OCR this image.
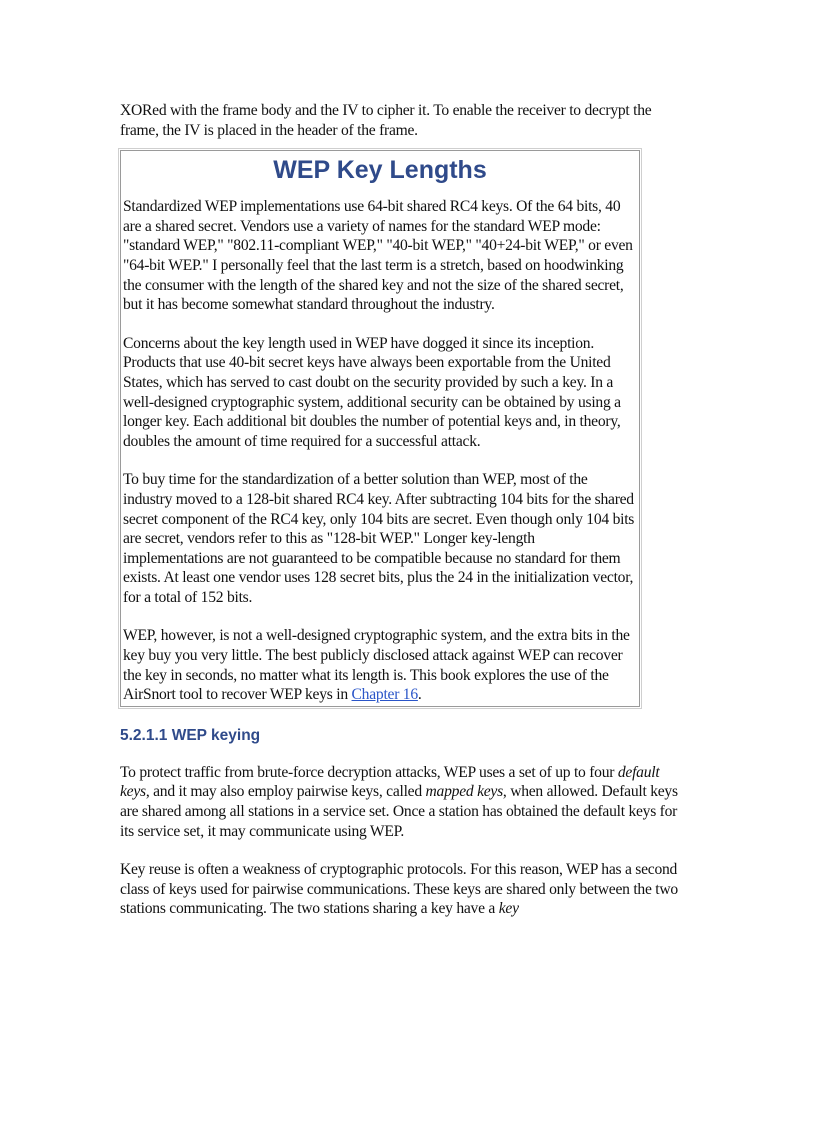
XORed with the frame body and the IV to cipher it. To enable the receiver to decrypt the frame, the IV is placed in the header of the frame.

WEP Key Lengths

Standardized WEP implementations use 64-bit shared RC4 keys. Of the 64 bits, 40 are a shared secret. Vendors use a variety of names for the standard WEP mode: "standard WEP," "802.11-compliant WEP," "40-bit WEP," "40+24-bit WEP," or even "64-bit WEP." I personally feel that the last term is a stretch, based on hoodwinking the consumer with the length of the shared key and not the size of the shared secret, but it has become somewhat standard throughout the industry.

Concerns about the key length used in WEP have dogged it since its inception. Products that use 40-bit secret keys have always been exportable from the United States, which has served to cast doubt on the security provided by such a key. In a well-designed cryptographic system, additional security can be obtained by using a longer key. Each additional bit doubles the number of potential keys and, in theory, doubles the amount of time required for a successful attack.

To buy time for the standardization of a better solution than WEP, most of the industry moved to a 128-bit shared RC4 key. After subtracting 104 bits for the shared secret component of the RC4 key, only 104 bits are secret. Even though only 104 bits are secret, vendors refer to this as "128-bit WEP." Longer key-length implementations are not guaranteed to be compatible because no standard for them exists. At least one vendor uses 128 secret bits, plus the 24 in the initialization vector, for a total of 152 bits.

WEP, however, is not a well-designed cryptographic system, and the extra bits in the key buy you very little. The best publicly disclosed attack against WEP can recover the key in seconds, no matter what its length is. This book explores the use of the AirSnort tool to recover WEP keys in Chapter 16.

5.2.1.1 WEP keying

To protect traffic from brute-force decryption attacks, WEP uses a set of up to four default keys, and it may also employ pairwise keys, called mapped keys, when allowed. Default keys are shared among all stations in a service set. Once a station has obtained the default keys for its service set, it may communicate using WEP.

Key reuse is often a weakness of cryptographic protocols. For this reason, WEP has a second class of keys used for pairwise communications. These keys are shared only between the two stations communicating. The two stations sharing a key have a key
